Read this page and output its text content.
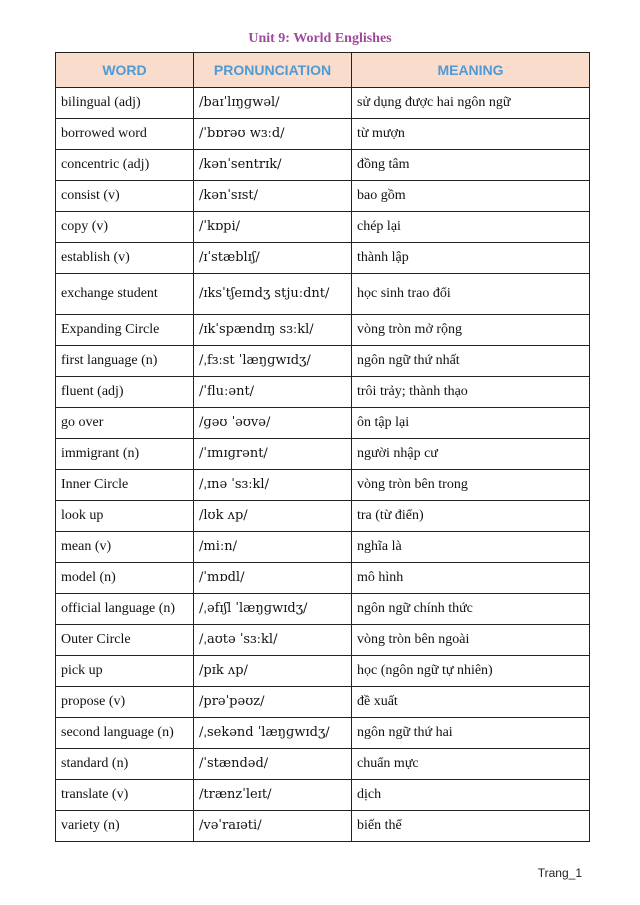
Unit 9: World Englishes
WORD	PRONUNCIATION	MEANING
bilingual (adj)	/baɪˈlɪŋɡwəl/	sử dụng được hai ngôn ngữ
borrowed word	/ˈbɒrəʊ wɜːd/	từ mượn
concentric (adj)	/kənˈsentrɪk/	đồng tâm
consist (v)	/kənˈsɪst/	bao gồm
copy (v)	/ˈkɒpi/	chép lại
establish (v)	/ɪˈstæblɪʃ/	thành lập
exchange student	/ɪksˈtʃeɪndʒ stjuːdnt/	học sinh trao đổi
Expanding Circle	/ɪkˈspændɪŋ sɜːkl/	vòng tròn mở rộng
first language (n)	/ˌfɜːst ˈlæŋɡwɪdʒ/	ngôn ngữ thứ nhất
fluent (adj)	/ˈfluːənt/	trôi trảy; thành thạo
go over	/ɡəʊ ˈəʊvə/	ôn tập lại
immigrant (n)	/ˈɪmɪɡrənt/	người nhập cư
Inner Circle	/ˌɪnə ˈsɜːkl/	vòng tròn bên trong
look up	/lʊk ʌp/	tra (từ điển)
mean (v)	/miːn/	nghĩa là
model (n)	/ˈmɒdl/	mô hình
official language (n)	/ˌəfɪʃl ˈlæŋɡwɪdʒ/	ngôn ngữ chính thức
Outer Circle	/ˌaʊtə ˈsɜːkl/	vòng tròn bên ngoài
pick up	/pɪk ʌp/	học (ngôn ngữ tự nhiên)
propose (v)	/prəˈpəʊz/	đề xuất
second language (n)	/ˌsekənd ˈlæŋɡwɪdʒ/	ngôn ngữ thứ hai
standard (n)	/ˈstændəd/	chuẩn mực
translate (v)	/trænzˈleɪt/	dịch
variety (n)	/vəˈraɪəti/	biến thể
Trang_1
